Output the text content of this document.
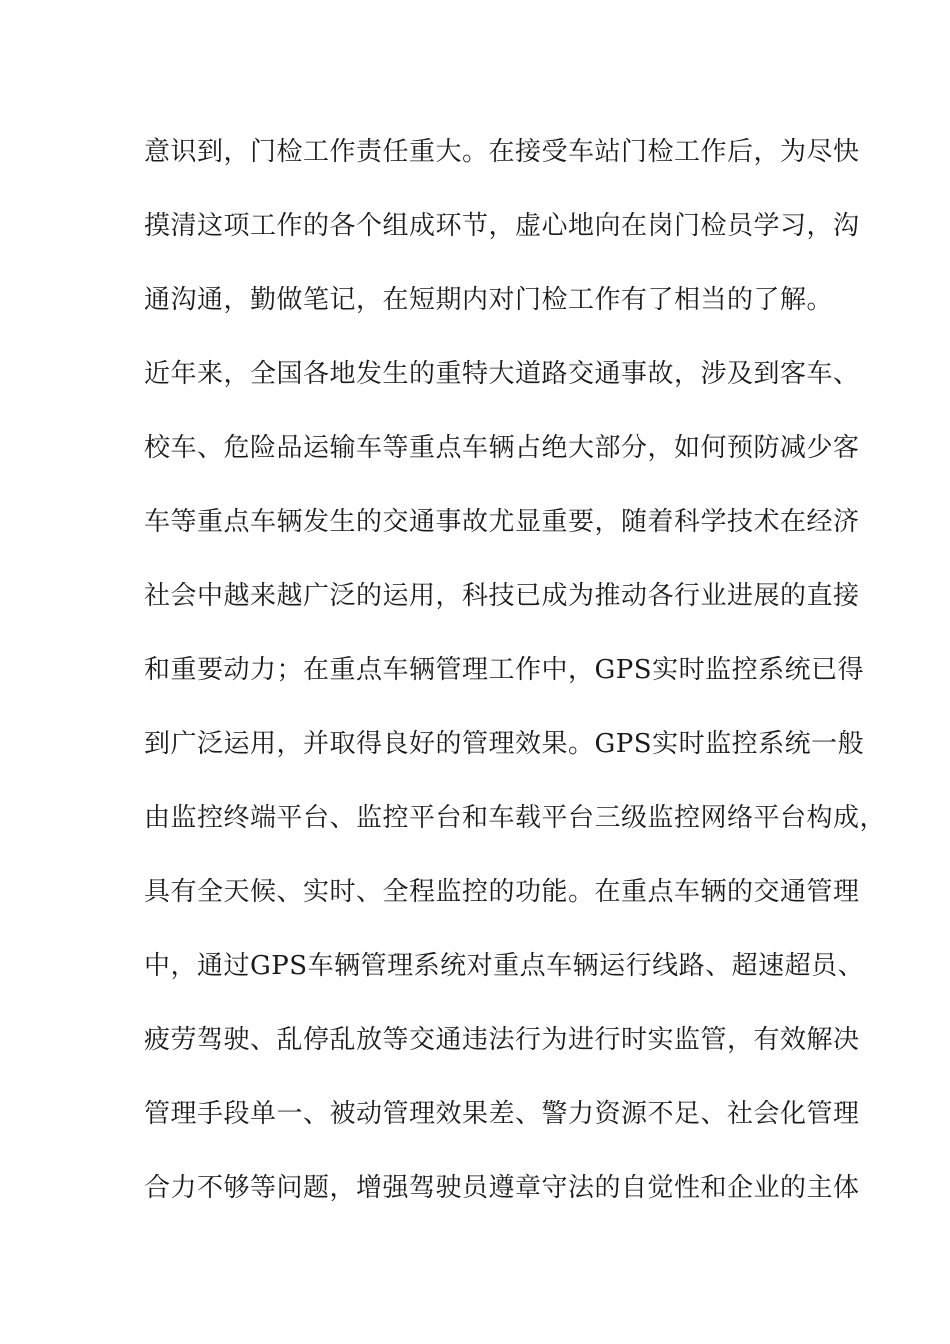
意识到，门检工作责任重大。在接受车站门检工作后，为尽快
摸清这项工作的各个组成环节，虚心地向在岗门检员学习，沟
通沟通，勤做笔记，在短期内对门检工作有了相当的了解。
近年来，全国各地发生的重特大道路交通事故，涉及到客车、
校车、危险品运输车等重点车辆占绝大部分，如何预防减少客
车等重点车辆发生的交通事故尤显重要，随着科学技术在经济
社会中越来越广泛的运用，科技已成为推动各行业进展的直接
和重要动力；在重点车辆管理工作中，GPS实时监控系统已得
到广泛运用，并取得良好的管理效果。GPS实时监控系统一般
由监控终端平台、监控平台和车载平台三级监控网络平台构成，
具有全天候、实时、全程监控的功能。在重点车辆的交通管理
中，通过GPS车辆管理系统对重点车辆运行线路、超速超员、
疲劳驾驶、乱停乱放等交通违法行为进行时实监管，有效解决
管理手段单一、被动管理效果差、警力资源不足、社会化管理
合力不够等问题，增强驾驶员遵章守法的自觉性和企业的主体
